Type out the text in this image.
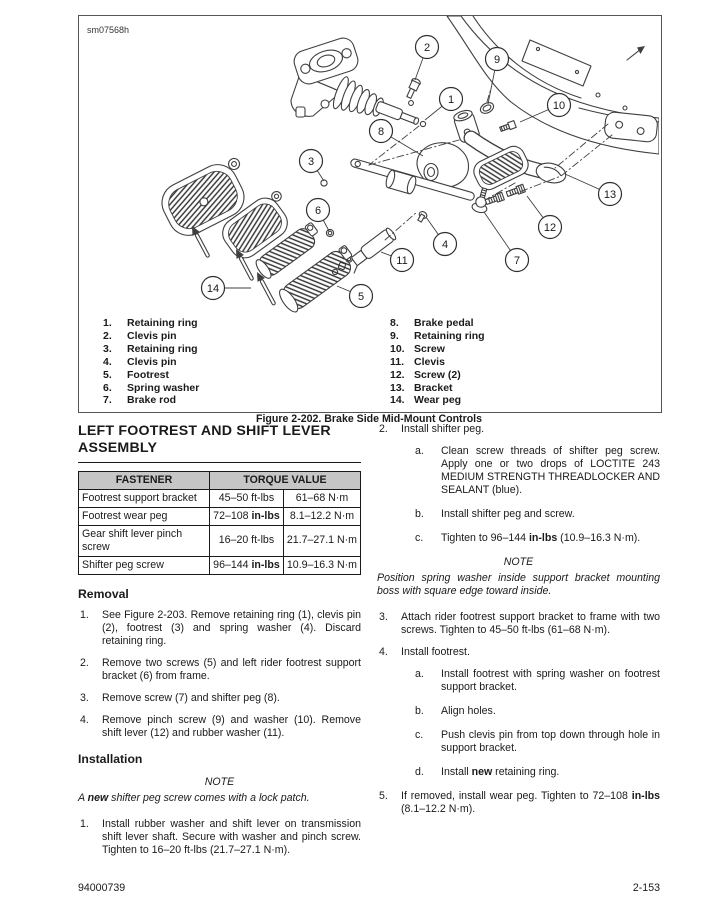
1
2
3
4
5
6
7
8
9
10
11
12
13
14
sm07568h
1. Retaining ring
2. Clevis pin
3. Retaining ring
4. Clevis pin
5. Footrest
6. Spring washer
7. Brake rod
8. Brake pedal
9. Retaining ring
10. Screw
11. Clevis
12. Screw (2)
13. Bracket
14. Wear peg
Figure 2-202. Brake Side Mid-Mount Controls
LEFT FOOTREST AND SHIFT LEVER ASSEMBLY
FASTENER	TORQUE VALUE	
Footrest support bracket	45–50 ft-lbs	61–68 N·m
Footrest wear peg	72–108 in-lbs	8.1–12.2 N·m
Gear shift lever pinch screw	16–20 ft-lbs	21.7–27.1 N·m
Shifter peg screw	96–144 in-lbs	10.9–16.3 N·m
Removal
1. See Figure 2-203. Remove retaining ring (1), clevis pin (2), footrest (3) and spring washer (4). Discard retaining ring.
2. Remove two screws (5) and left rider footrest support bracket (6) from frame.
3. Remove screw (7) and shifter peg (8).
4. Remove pinch screw (9) and washer (10). Remove shift lever (12) and rubber washer (11).
Installation
NOTE
A new shifter peg screw comes with a lock patch.
1. Install rubber washer and shift lever on transmission shift lever shaft. Secure with washer and pinch screw. Tighten to 16–20 ft-lbs (21.7–27.1 N·m).
2. Install shifter peg.
a. Clean screw threads of shifter peg screw. Apply one or two drops of LOCTITE 243 MEDIUM STRENGTH THREADLOCKER AND SEALANT (blue).
b. Install shifter peg and screw.
c. Tighten to 96–144 in-lbs (10.9–16.3 N·m).
NOTE
Position spring washer inside support bracket mounting boss with square edge toward inside.
3. Attach rider footrest support bracket to frame with two screws. Tighten to 45–50 ft-lbs (61–68 N·m).
4. Install footrest.
a. Install footrest with spring washer on footrest support bracket.
b. Align holes.
c. Push clevis pin from top down through hole in support bracket.
d. Install new retaining ring.
5. If removed, install wear peg. Tighten to 72–108 in-lbs (8.1–12.2 N·m).
94000739	2-153
